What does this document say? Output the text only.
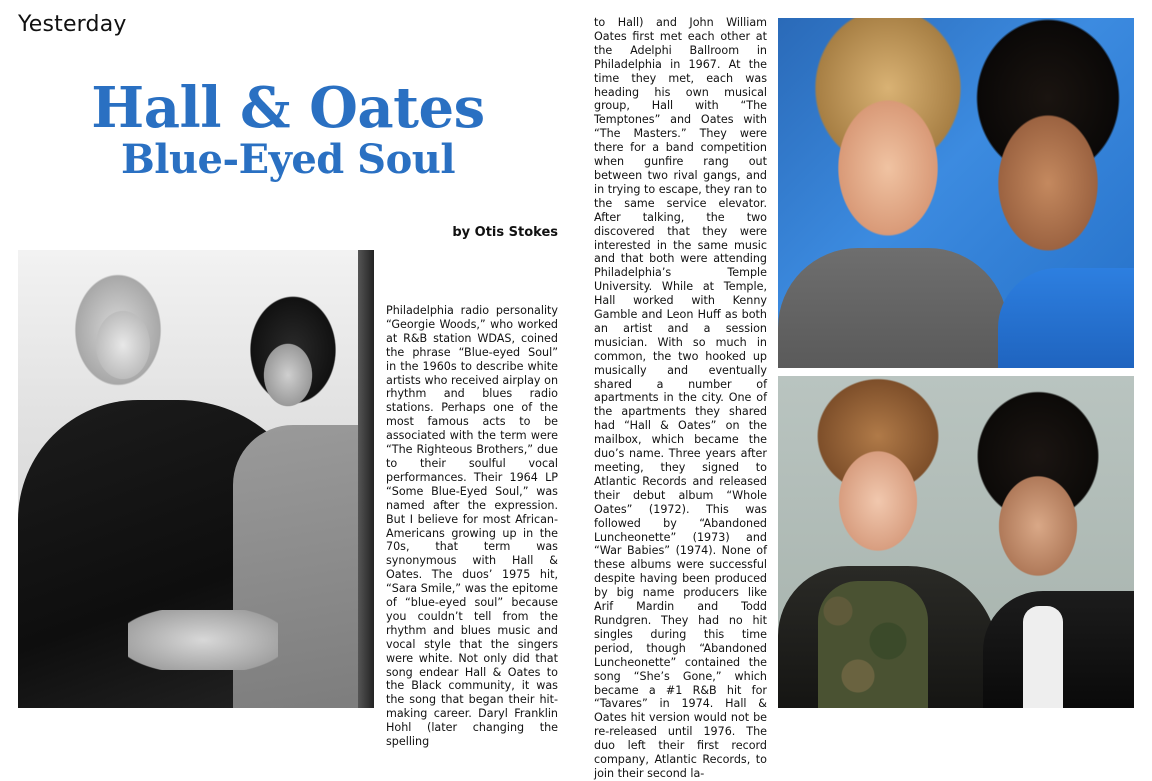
Yesterday
Hall & Oates
Blue-Eyed Soul
by Otis Stokes

Philadelphia radio personality “Georgie Woods,” who worked at R&B station WDAS, coined the phrase “Blue-eyed Soul” in the 1960s to describe white artists who received airplay on rhythm and blues radio stations. Perhaps one of the most famous acts to be associated with the term were “The Righteous Brothers,” due to their soulful vocal performances. Their 1964 LP “Some Blue-Eyed Soul,” was named after the expression. But I believe for most African-Americans growing up in the 70s, that term was synonymous with Hall & Oates. The duos’ 1975 hit, “Sara Smile,” was the epitome of “blue-eyed soul” because you couldn’t tell from the rhythm and blues music and vocal style that the singers were white. Not only did that song endear Hall & Oates to the Black community, it was the song that began their hit-making career. Daryl Franklin Hohl (later changing the spelling

to Hall) and John William Oates first met each other at the Adelphi Ballroom in Philadelphia in 1967. At the time they met, each was heading his own musical group, Hall with “The Temptones” and Oates with “The Masters.” They were there for a band competition when gunfire rang out between two rival gangs, and in trying to escape, they ran to the same service elevator. After talking, the two discovered that they were interested in the same music and that both were attending Philadelphia’s Temple University. While at Temple, Hall worked with Kenny Gamble and Leon Huff as both an artist and a session musician. With so much in common, the two hooked up musically and eventually shared a number of apartments in the city. One of the apartments they shared had “Hall & Oates” on the mailbox, which became the duo’s name. Three years after meeting, they signed to Atlantic Records and released their debut album “Whole Oates” (1972). This was followed by “Abandoned Luncheonette” (1973) and “War Babies” (1974). None of these albums were successful despite having been produced by big name producers like Arif Mardin and Todd Rundgren. They had no hit singles during this time period, though “Abandoned Luncheonette” contained the song “She’s Gone,” which became a #1 R&B hit for “Tavares” in 1974. Hall & Oates hit version would not be re-released until 1976. The duo left their first record company, Atlantic Records, to join their second la-
